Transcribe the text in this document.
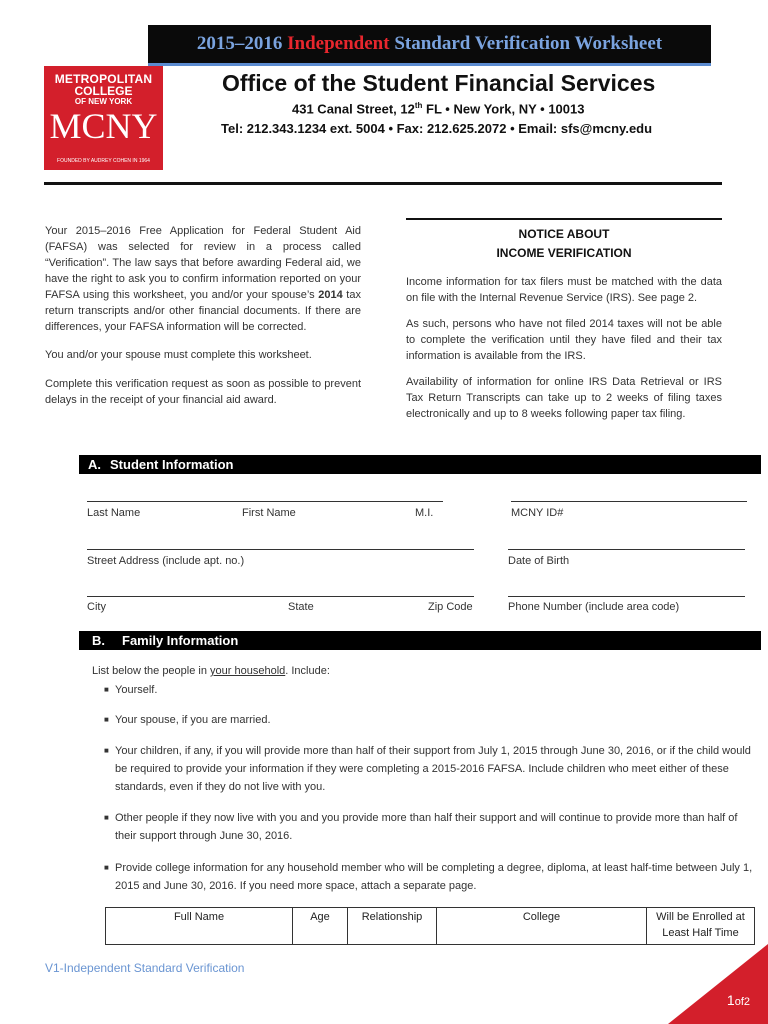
2015–2016 Independent Standard Verification Worksheet
METROPOLITAN
COLLEGE
OF NEW YORK
MCNY
FOUNDED BY AUDREY COHEN IN 1964
Office of the Student Financial Services
431 Canal Street, 12th FL • New York, NY • 10013
Tel: 212.343.1234 ext. 5004 • Fax: 212.625.2072 • Email: sfs@mcny.edu

Your 2015–2016 Free Application for Federal Student Aid (FAFSA) was selected for review in a process called “Verification”. The law says that before awarding Federal aid, we have the right to ask you to confirm information reported on your FAFSA using this worksheet, you and/or your spouse’s 2014 tax return transcripts and/or other financial documents. If there are differences, your FAFSA information will be corrected.

You and/or your spouse must complete this worksheet.

Complete this verification request as soon as possible to prevent delays in the receipt of your financial aid award.

NOTICE ABOUT
INCOME VERIFICATION

Income information for tax filers must be matched with the data on file with the Internal Revenue Service (IRS). See page 2.

As such, persons who have not filed 2014 taxes will not be able to complete the verification until they have filed and their tax information is available from the IRS.

Availability of information for online IRS Data Retrieval or IRS Tax Return Transcripts can take up to 2 weeks of filing taxes electronically and up to 8 weeks following paper tax filing.

A. Student Information
Last Name	First Name	M.I.	MCNY ID#
Street Address (include apt. no.)	Date of Birth
City	State	Zip Code	Phone Number (include area code)
B. Family Information
List below the people in your household. Include:
■ Yourself.
■ Your spouse, if you are married.
■ Your children, if any, if you will provide more than half of their support from July 1, 2015 through June 30, 2016, or if the child would be required to provide your information if they were completing a 2015-2016 FAFSA. Include children who meet either of these standards, even if they do not live with you.
■ Other people if they now live with you and you provide more than half their support and will continue to provide more than half of their support through June 30, 2016.
■ Provide college information for any household member who will be completing a degree, diploma, at least half-time between July 1, 2015 and June 30, 2016. If you need more space, attach a separate page.
Full Name	Age	Relationship	College	Will be Enrolled at Least Half Time
V1-Independent Standard Verification
1of2
